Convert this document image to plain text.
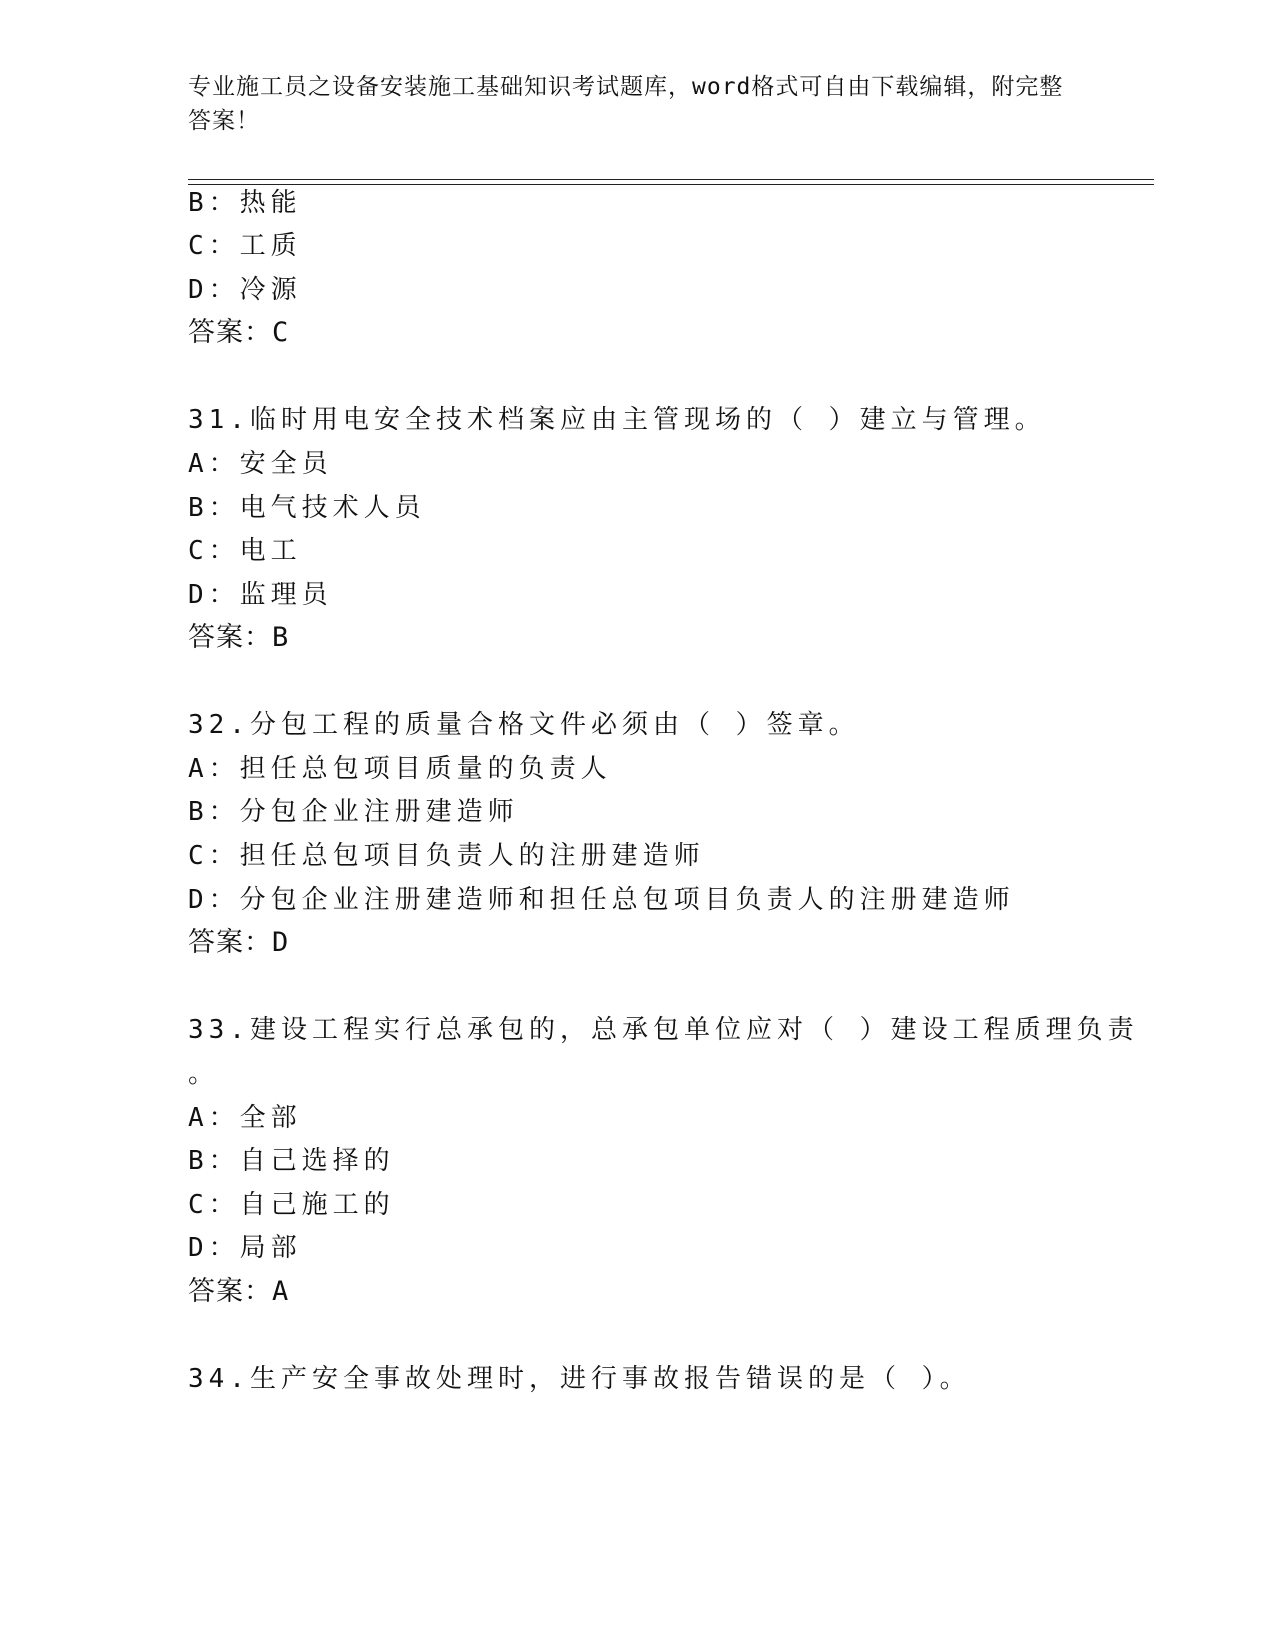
专业施工员之设备安装施工基础知识考试题库，word格式可自由下载编辑，附完整答案！
B：热能
C：工质
D：冷源
答案：C
31.临时用电安全技术档案应由主管现场的（ ）建立与管理。
A：安全员
B：电气技术人员
C：电工
D：监理员
答案：B
32.分包工程的质量合格文件必须由（ ）签章。
A：担任总包项目质量的负责人
B：分包企业注册建造师
C：担任总包项目负责人的注册建造师
D：分包企业注册建造师和担任总包项目负责人的注册建造师
答案：D
33.建设工程实行总承包的，总承包单位应对（ ）建设工程质理负责
。
A：全部
B：自己选择的
C：自己施工的
D：局部
答案：A
34.生产安全事故处理时，进行事故报告错误的是（ ）。
